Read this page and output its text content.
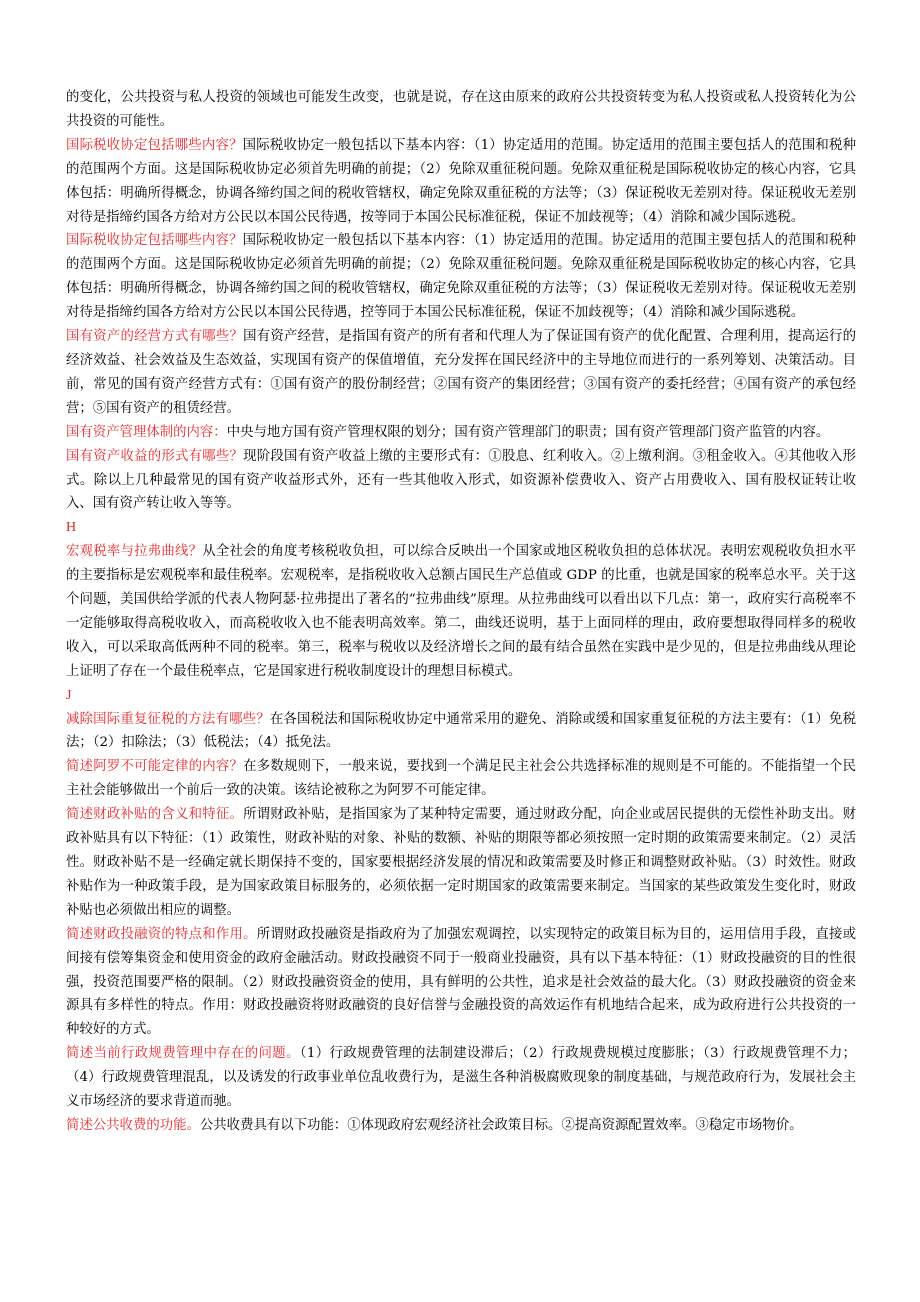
的变化，公共投资与私人投资的领域也可能发生改变，也就是说，存在这由原来的政府公共投资转变为私人投资或私人投资转化为公共投资的可能性。

国际税收协定包括哪些内容？国际税收协定一般包括以下基本内容：（1）协定适用的范围。协定适用的范围主要包括人的范围和税种的范围两个方面。这是国际税收协定必须首先明确的前提；（2）免除双重征税问题。免除双重征税是国际税收协定的核心内容，它具体包括：明确所得概念，协调各缔约国之间的税收管辖权，确定免除双重征税的方法等；（3）保证税收无差别对待。保证税收无差别对待是指缔约国各方给对方公民以本国公民待遇，按等同于本国公民标准征税，保证不加歧视等；（4）消除和减少国际逃税。

国际税收协定包括哪些内容？国际税收协定一般包括以下基本内容：（1）协定适用的范围。协定适用的范围主要包括人的范围和税种的范围两个方面。这是国际税收协定必须首先明确的前提；（2）免除双重征税问题。免除双重征税是国际税收协定的核心内容，它具体包括：明确所得概念，协调各缔约国之间的税收管辖权，确定免除双重征税的方法等；（3）保证税收无差别对待。保证税收无差别对待是指缔约国各方给对方公民以本国公民待遇，控等同于本国公民标准征税，保证不加歧视等；（4）消除和减少国际逃税。

国有资产的经营方式有哪些？国有资产经营，是指国有资产的所有者和代理人为了保证国有资产的优化配置、合理利用，提高运行的经济效益、社会效益及生态效益，实现国有资产的保值增值，充分发挥在国民经济中的主导地位而进行的一系列筹划、决策活动。目前，常见的国有资产经营方式有：①国有资产的股份制经营；②国有资产的集团经营；③国有资产的委托经营；④国有资产的承包经营；⑤国有资产的租赁经营。

国有资产管理体制的内容：中央与地方国有资产管理权限的划分；国有资产管理部门的职责；国有资产管理部门资产监管的内容。

国有资产收益的形式有哪些？现阶段国有资产收益上缴的主要形式有：①股息、红利收入。②上缴利润。③租金收入。④其他收入形式。除以上几种最常见的国有资产收益形式外，还有一些其他收入形式，如资源补偿费收入、资产占用费收入、国有股权证转让收入、国有资产转让收入等等。

H

宏观税率与拉弗曲线？从全社会的角度考核税收负担，可以综合反映出一个国家或地区税收负担的总体状况。表明宏观税收负担水平的主要指标是宏观税率和最佳税率。宏观税率，是指税收收入总额占国民生产总值或 GDP 的比重，也就是国家的税率总水平。关于这个问题，美国供给学派的代表人物阿瑟·拉弗提出了著名的“拉弗曲线”原理。从拉弗曲线可以看出以下几点：第一，政府实行高税率不一定能够取得高税收收入，而高税收收入也不能表明高效率。第二，曲线还说明，基于上面同样的理由，政府要想取得同样多的税收收入，可以采取高低两种不同的税率。第三，税率与税收以及经济增长之间的最有结合虽然在实践中是少见的，但是拉弗曲线从理论上证明了存在一个最佳税率点，它是国家进行税收制度设计的理想目标模式。

J

减除国际重复征税的方法有哪些？在各国税法和国际税收协定中通常采用的避免、消除或缓和国家重复征税的方法主要有：（1）免税法；（2）扣除法；（3）低税法；（4）抵免法。

简述阿罗不可能定律的内容？在多数规则下，一般来说，要找到一个满足民主社会公共选择标准的规则是不可能的。不能指望一个民主社会能够做出一个前后一致的决策。该结论被称之为阿罗不可能定律。

简述财政补贴的含义和特征。所谓财政补贴，是指国家为了某种特定需要，通过财政分配，向企业或居民提供的无偿性补助支出。财政补贴具有以下特征：（1）政策性，财政补贴的对象、补贴的数额、补贴的期限等都必须按照一定时期的政策需要来制定。（2）灵活性。财政补贴不是一经确定就长期保持不变的，国家要根据经济发展的情况和政策需要及时修正和调整财政补贴。（3）时效性。财政补贴作为一种政策手段，是为国家政策目标服务的，必须依据一定时期国家的政策需要来制定。当国家的某些政策发生变化时，财政补贴也必须做出相应的调整。

简述财政投融资的特点和作用。所谓财政投融资是指政府为了加强宏观调控，以实现特定的政策目标为目的，运用信用手段，直接或间接有偿筹集资金和使用资金的政府金融活动。财政投融资不同于一般商业投融资，具有以下基本特征：（1）财政投融资的目的性很强，投资范围要严格的限制。（2）财政投融资资金的使用，具有鲜明的公共性，追求是社会效益的最大化。（3）财政投融资的资金来源具有多样性的特点。作用：财政投融资将财政融资的良好信誉与金融投资的高效运作有机地结合起来，成为政府进行公共投资的一种较好的方式。

简述当前行政规费管理中存在的问题。（1）行政规费管理的法制建设滞后；（2）行政规费规模过度膨胀；（3）行政规费管理不力；（4）行政规费管理混乱，以及诱发的行政事业单位乱收费行为，是滋生各种消极腐败现象的制度基础，与规范政府行为，发展社会主义市场经济的要求背道而驰。

简述公共收费的功能。公共收费具有以下功能：①体现政府宏观经济社会政策目标。②提高资源配置效率。③稳定市场物价。
